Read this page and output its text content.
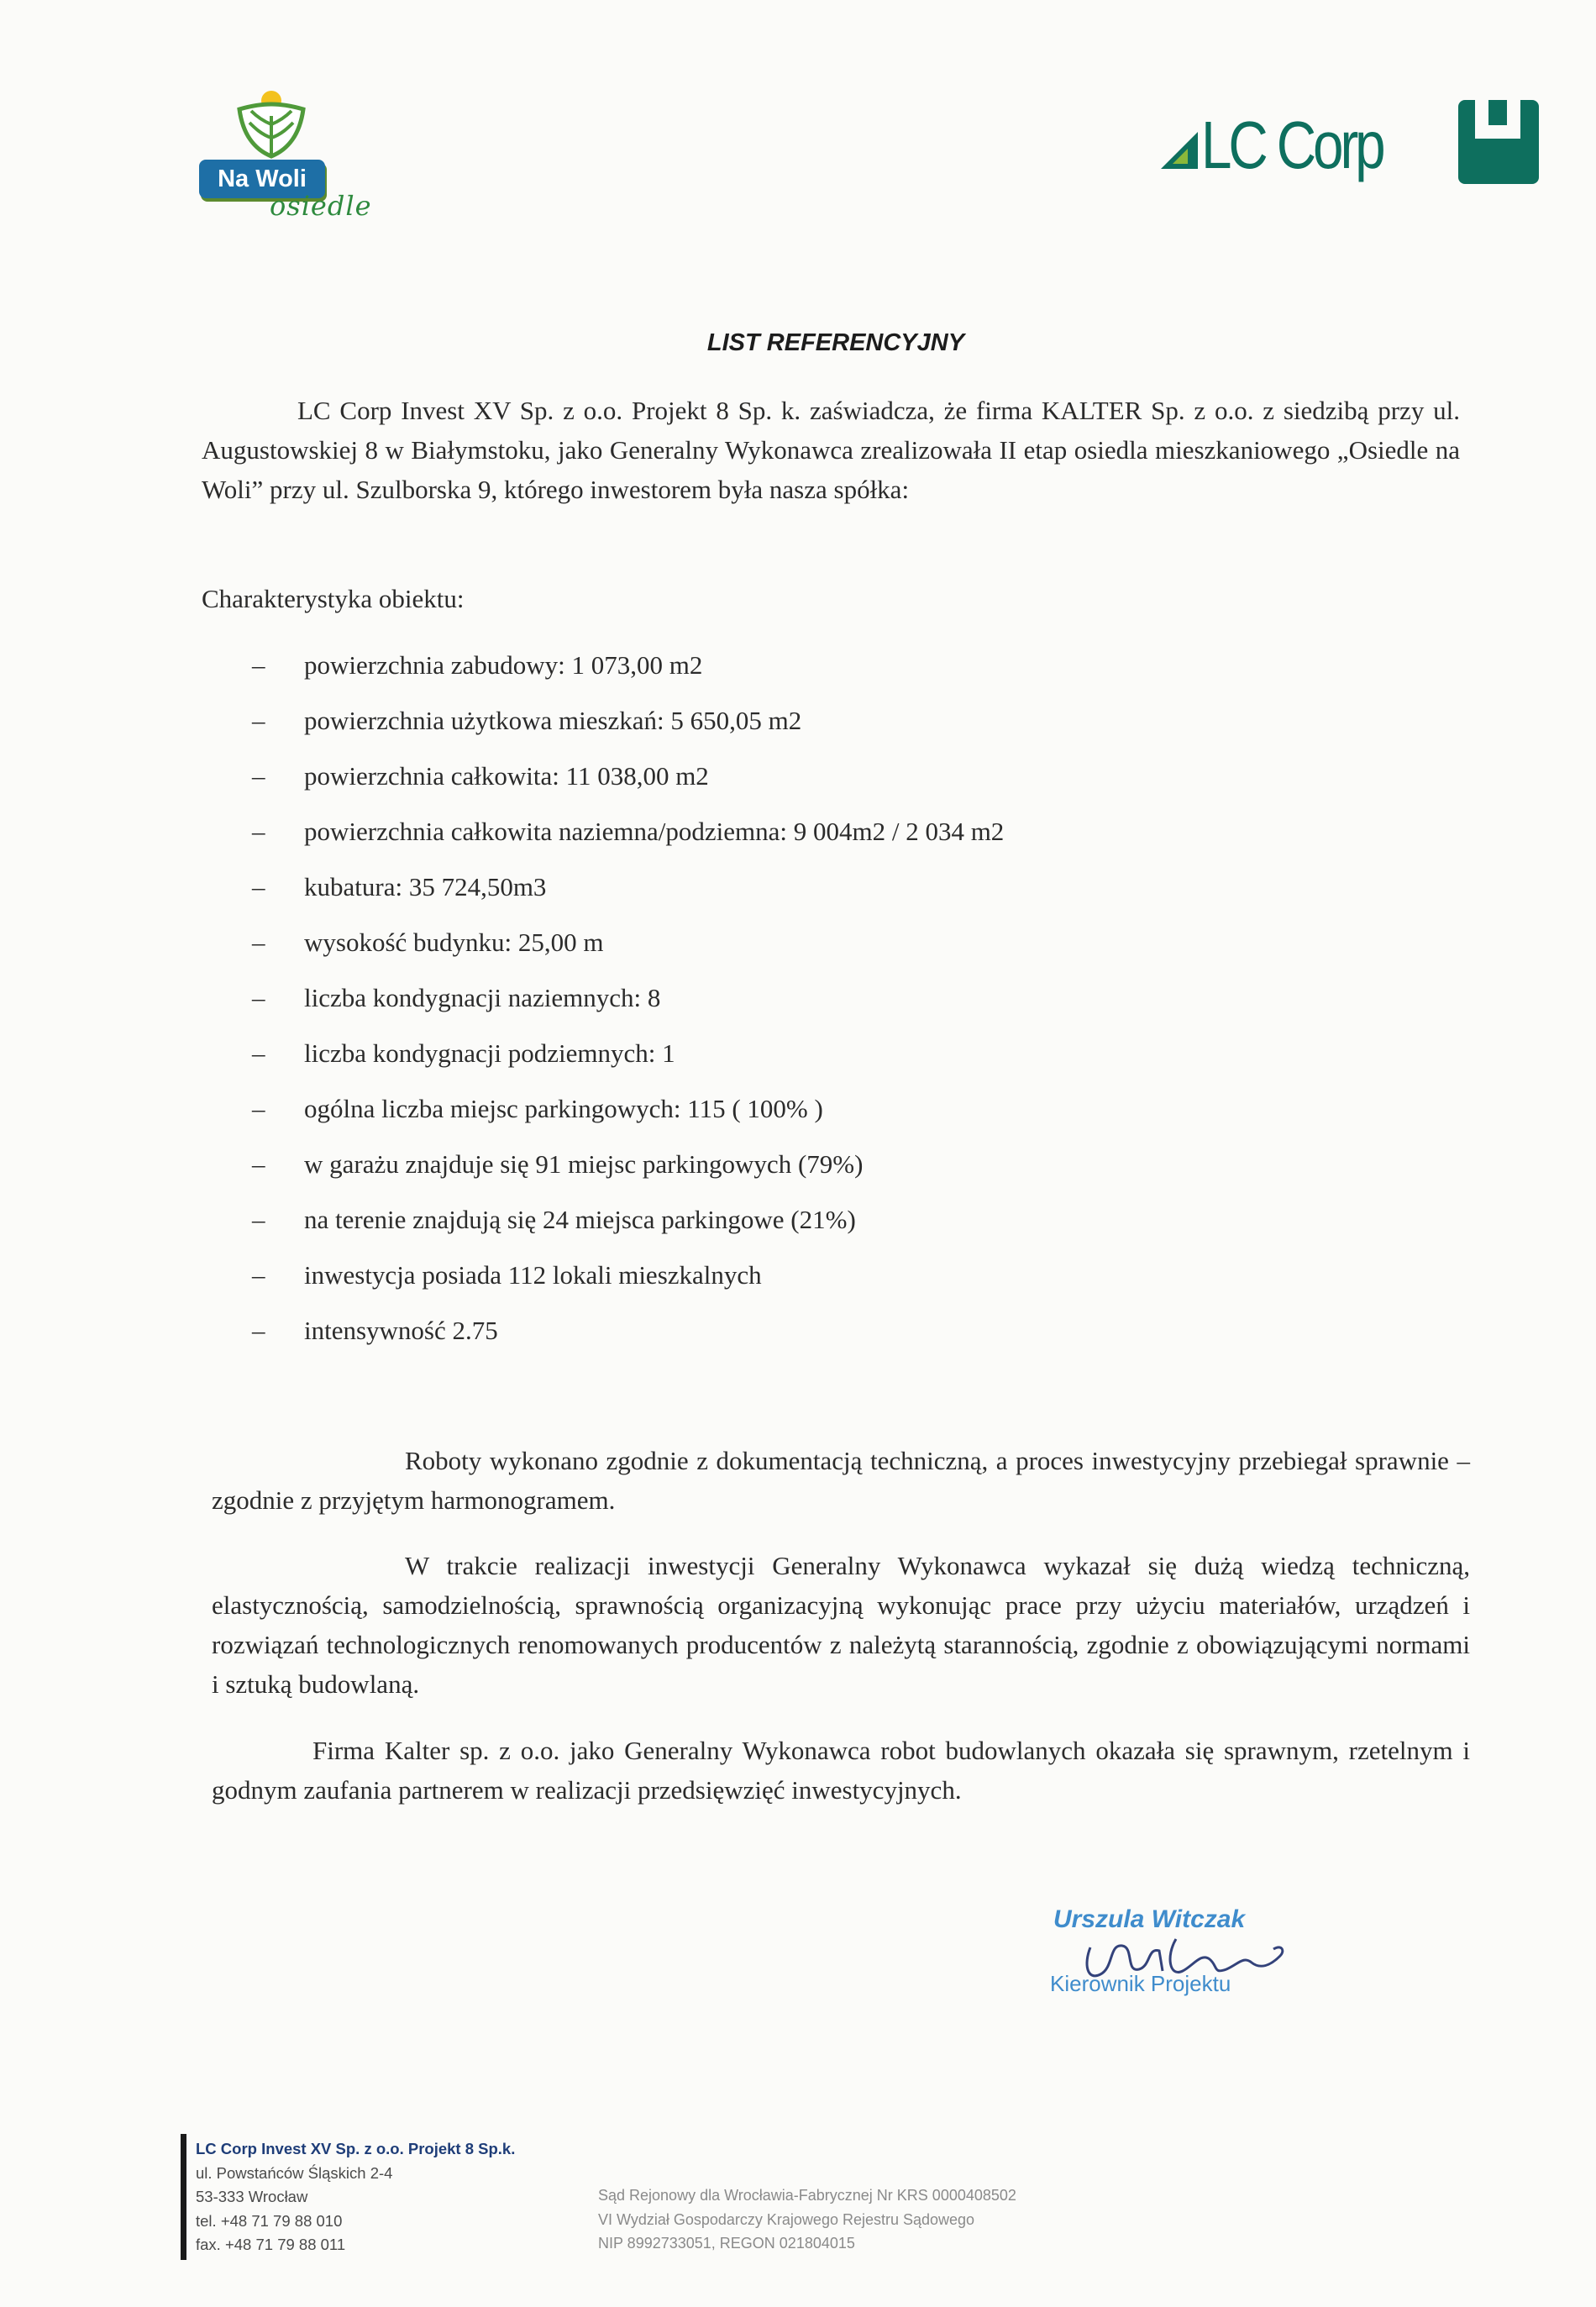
Na Woli
osiedle
LC Corp
LIST REFERENCYJNY
LC Corp Invest XV Sp. z o.o. Projekt 8 Sp. k. zaświadcza, że firma KALTER Sp. z o.o. z siedzibą przy ul. Augustowskiej 8 w Białymstoku, jako Generalny Wykonawca zrealizowała II etap osiedla mieszkaniowego „Osiedle na Woli” przy ul. Szulborska 9, którego inwestorem była nasza spółka:
Charakterystyka obiektu:
– powierzchnia zabudowy: 1 073,00 m2
– powierzchnia użytkowa mieszkań: 5 650,05 m2
– powierzchnia całkowita: 11 038,00 m2
– powierzchnia całkowita naziemna/podziemna: 9 004m2 / 2 034 m2
– kubatura: 35 724,50m3
– wysokość budynku: 25,00 m
– liczba kondygnacji naziemnych: 8
– liczba kondygnacji podziemnych: 1
– ogólna liczba miejsc parkingowych: 115 ( 100% )
– w garażu znajduje się 91 miejsc parkingowych (79%)
– na terenie znajdują się 24 miejsca parkingowe (21%)
– inwestycja posiada 112 lokali mieszkalnych
– intensywność 2.75
Roboty wykonano zgodnie z dokumentacją techniczną, a proces inwestycyjny przebiegał sprawnie – zgodnie z przyjętym harmonogramem.
W trakcie realizacji inwestycji Generalny Wykonawca wykazał się dużą wiedzą techniczną, elastycznością, samodzielnością, sprawnością organizacyjną wykonując prace przy użyciu materiałów, urządzeń i rozwiązań technologicznych renomowanych producentów z należytą starannością, zgodnie z obowiązującymi normami i sztuką budowlaną.
Firma Kalter sp. z o.o. jako Generalny Wykonawca robot budowlanych okazała się sprawnym, rzetelnym i godnym zaufania partnerem w realizacji przedsięwzięć inwestycyjnych.
Urszula Witczak
Kierownik Projektu
LC Corp Invest XV Sp. z o.o. Projekt 8 Sp.k.
ul. Powstańców Śląskich 2-4
53-333 Wrocław
tel. +48 71 79 88 010
fax. +48 71 79 88 011
Sąd Rejonowy dla Wrocławia-Fabrycznej Nr KRS 0000408502
VI Wydział Gospodarczy Krajowego Rejestru Sądowego
NIP 8992733051, REGON 021804015
